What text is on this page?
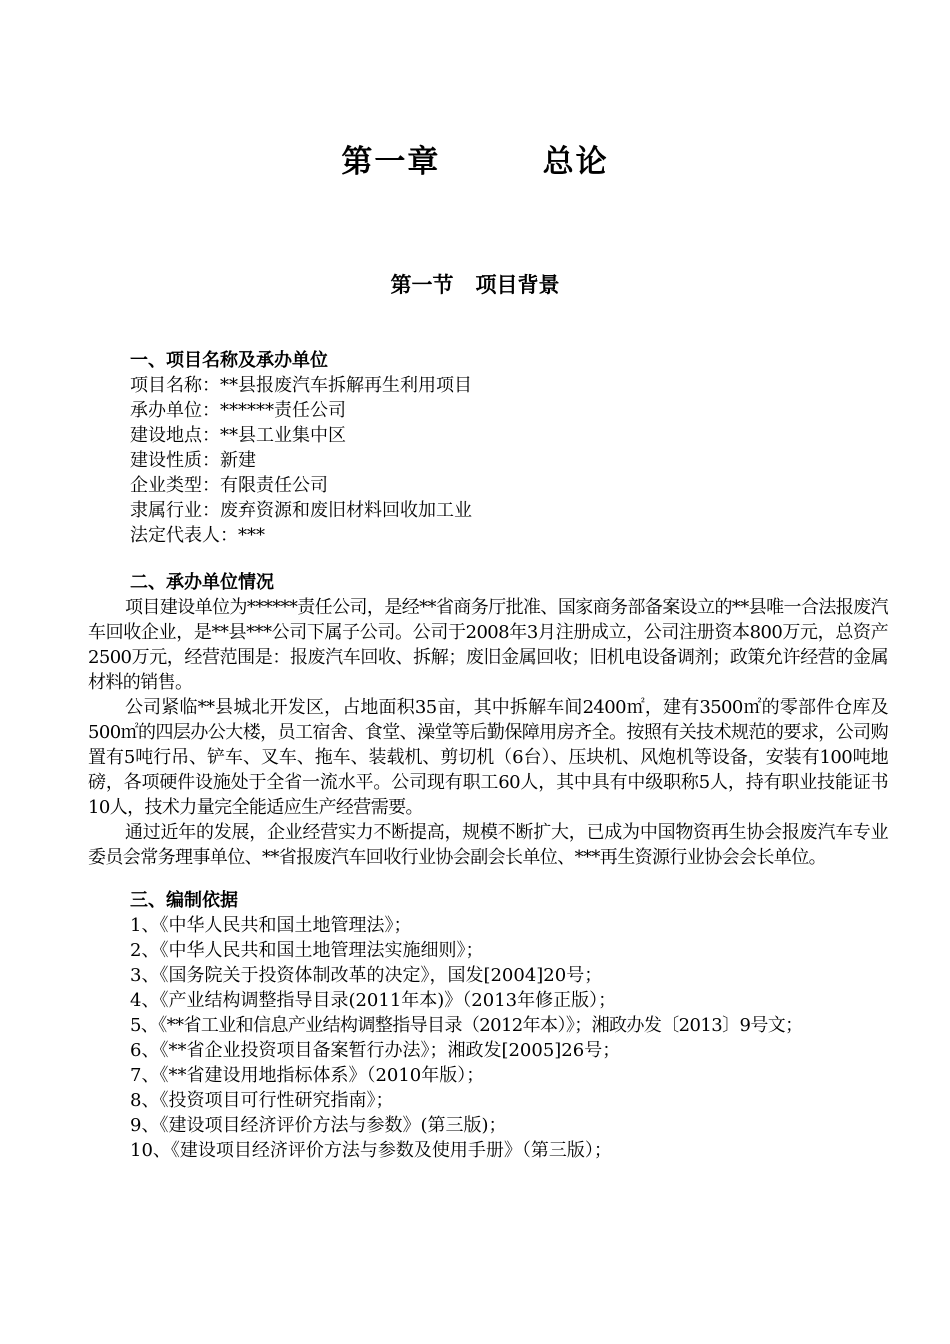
第一章        总论
第一节   项目背景
一、项目名称及承办单位
项目名称：**县报废汽车拆解再生利用项目
承办单位：******责任公司
建设地点：**县工业集中区
建设性质：新建
企业类型：有限责任公司
隶属行业：废弃资源和废旧材料回收加工业
法定代表人：***
二、承办单位情况
项目建设单位为******责任公司，是经**省商务厅批准、国家商务部备案设立的**县唯一合法报废汽车回收企业，是**县***公司下属子公司。公司于2008年3月注册成立，公司注册资本800万元，总资产2500万元，经营范围是：报废汽车回收、拆解；废旧金属回收；旧机电设备调剂；政策允许经营的金属材料的销售。
公司紧临**县城北开发区，占地面积35亩，其中拆解车间2400㎡，建有3500㎡的零部件仓库及500㎡的四层办公大楼，员工宿舍、食堂、澡堂等后勤保障用房齐全。按照有关技术规范的要求，公司购置有5吨行吊、铲车、叉车、拖车、装载机、剪切机（6台）、压块机、风炮机等设备，安装有100吨地磅，各项硬件设施处于全省一流水平。公司现有职工60人，其中具有中级职称5人，持有职业技能证书10人，技术力量完全能适应生产经营需要。
通过近年的发展，企业经营实力不断提高，规模不断扩大，已成为中国物资再生协会报废汽车专业委员会常务理事单位、**省报废汽车回收行业协会副会长单位、***再生资源行业协会会长单位。
三、编制依据
1、《中华人民共和国土地管理法》；
2、《中华人民共和国土地管理法实施细则》；
3、《国务院关于投资体制改革的决定》，国发[2004]20号；
4、《产业结构调整指导目录(2011年本)》（2013年修正版）；
5、《**省工业和信息产业结构调整指导目录（2012年本）》；湘政办发〔2013〕9号文；
6、《**省企业投资项目备案暂行办法》；湘政发[2005]26号；
7、《**省建设用地指标体系》（2010年版）；
8、《投资项目可行性研究指南》；
9、《建设项目经济评价方法与参数》(第三版)；
10、《建设项目经济评价方法与参数及使用手册》（第三版）；
